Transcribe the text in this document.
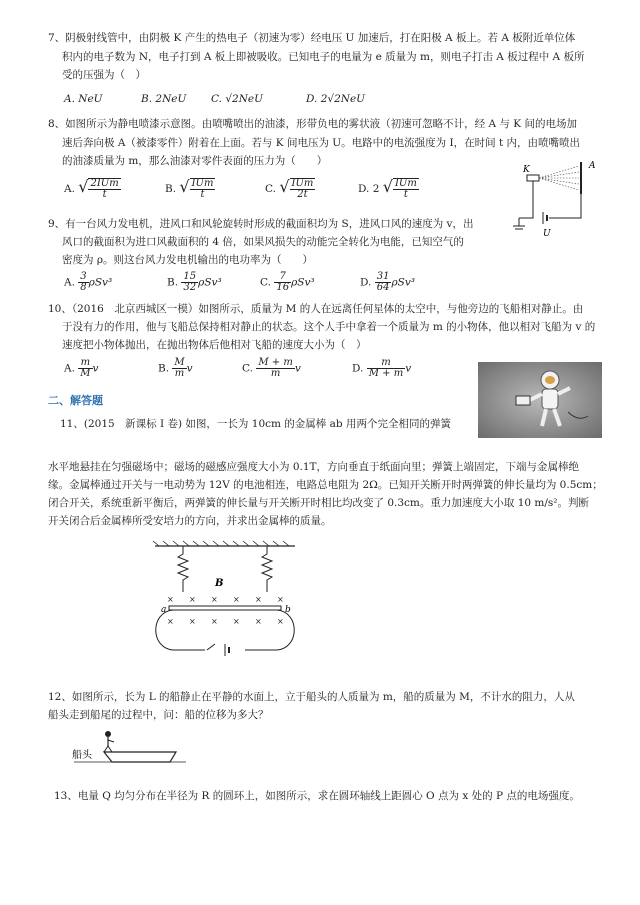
7、阴极射线管中，由阴极 K 产生的热电子（初速为零）经电压 U 加速后，打在阳极 A 板上。若 A 板附近单位体
积内的电子数为 N，电子打到 A 板上即被吸收。已知电子的电量为 e 质量为 m，则电子打击 A 板过程中 A 板所
受的压强为（　）
A. NeU	B. 2NeU C. √2NeU	D. 2√2NeU
8、如图所示为静电喷漆示意图。由喷嘴喷出的油漆，形带负电的雾状液（初速可忽略不计，经 A 与 K 间的电场加
速后奔向极 A（被漆零件）附着在上面。若与 K 间电压为 U。电路中的电流强度为 I，在时间 t 内，由喷嘴喷出
的油漆质量为 m，那么油漆对零件表面的压力为（　　）
A. √ $\frac{\text{2IUm}}{t}$	B. √ $\frac{\text{IUm}}{t}$	C. √ $\frac{\text{IUm}}{2t}$	D. 2 √ $\frac{\text{IUm}}{t}$
K	A
U
9、有一台风力发电机，进风口和风轮旋转时形成的截面积均为 S，进风口风的速度为 v，出
风口的截面积为进口风截面积的 4 倍，如果风损失的动能完全转化为电能，已知空气的
密度为 ρ。则这台风力发电机输出的电功率为（　　）
A. $\frac{3}{8} \rho Sv^3$	B. $\frac{15}{32} \rho Sv^3$	C. $\frac{7}{16} \rho Sv^3$	D. $\frac{31}{64} \rho Sv^3$
10、（2016　北京西城区一模）如图所示，质量为 M 的人在远离任何星体的太空中，与他旁边的飞船相对静止。由
于没有力的作用，他与飞船总保持相对静止的状态。这个人手中拿着一个质量为 m 的小物体，他以相对飞船为 v 的
速度把小物体抛出，在抛出物体后他相对飞船的速度大小为（　）
A. $\frac{m}{M}$ v	B. $\frac{M}{m}$ v	C. $\frac{M + m}{m}$ v	D. $\frac{m}{M + m}$ v
二、解答题
11、(2015　新课标 I 卷) 如图，一长为 10cm 的金属棒 ab 用两个完全相同的弹簧
水平地悬挂在匀强磁场中；磁场的磁感应强度大小为 0.1T，方向垂直于纸面向里；弹簧上端固定，下端与金属棒绝
缘。金属棒通过开关与一电动势为 12V 的电池相连，电路总电阻为 2Ω。已知开关断开时两弹簧的伸长量均为 0.5cm；
闭合开关，系统重新平衡后，两弹簧的伸长量与开关断开时相比均改变了 0.3cm。重力加速度大小取 10 m/s²。判断
开关闭合后金属棒所受安培力的方向，并求出金属棒的质量。
B
× × × × × ×
a	b
× × × × × ×
12、如图所示，长为 L 的船静止在平静的水面上，立于船头的人质量为 m，船的质量为 M，不计水的阻力，人从
船头走到船尾的过程中，问：船的位移为多大？
船头
13、电量 Q 均匀分布在半径为 R 的圆环上，如图所示，求在圆环轴线上距圆心 O 点为 x 处的 P 点的电场强度。
